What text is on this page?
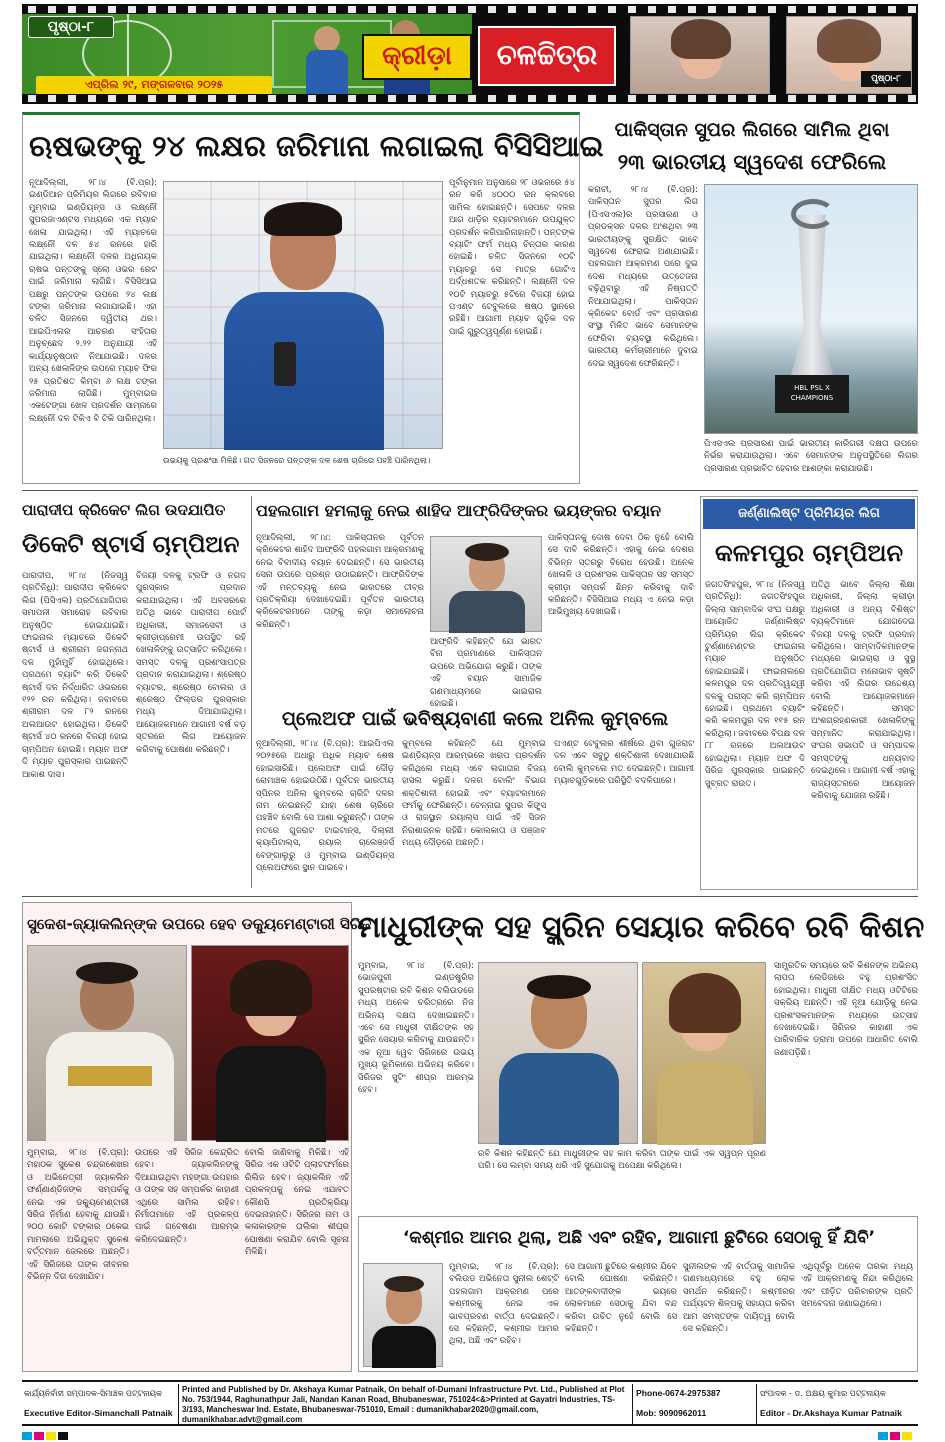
ପୃଷ୍ଠା-୮
ଏପ୍ରିଲ ୨୯, ମଙ୍ଗଳବାର ୨୦୨୫
କ୍ରୀଡ଼ା	ଚଳଚ୍ଚିତ୍ର
ପୃଷ୍ଠା-୮
ଋଷଭଙ୍କୁ ୨୪ ଲକ୍ଷର ଜରିମାନା ଲଗାଇଲା ବିସିସିଆଇ
ନୂଆଦିଲ୍ଲୀ, ୨୮।୪ (ବି.ପ୍ର): ଇଣ୍ଡିଆନ ପ୍ରିମିୟର ଲିଗରେ ରବିବାର ମୁମ୍ବାଇ ଇଣ୍ଡିୟନ୍ସ ଓ ଲକ୍ଷ୍ନୌ ସୁପରଜାଏଣ୍ଟସ ମଧ୍ୟରେ ଏକ ମ୍ୟାଚ ଖେଳା ଯାଇଥିଲା। ଏହି ମ୍ୟାଚରେ ଲକ୍ଷ୍ନୌ ଦଳ ୫୪ ରନରେ ହାରି ଯାଇଥିଲା। ଲକ୍ଷ୍ନୌ ଦଳର ଅଧିନାୟକ ଋଷଭ ପନ୍ତଙ୍କୁ ସ୍ଲୋ ଓଭର ରେଟ ପାଇଁ ଜରିମାନା ଲାଗିଛି। ବିସିସିଆଇ ପକ୍ଷରୁ ପନ୍ତଙ୍କ ଉପରେ ୨୪ ଲକ୍ଷ ଟଙ୍କା ଜରିମାନା ଲଗାଯାଇଛି। ଏହା ଚଳିତ ସିଜନରେ ଦ୍ୱିତୀୟ ଥର। ଆଇପିଏଲର ଆଚରଣ ସଂହିତାର ଅନୁଚ୍ଛେଦ ୨.୨୨ ଅନୁଯାୟୀ ଏହି କାର୍ଯ୍ୟାନୁଷ୍ଠାନ ନିଆଯାଇଛି। ଦଳର ଅନ୍ୟ ଖେଳାଳିଙ୍କ ଉପରେ ମ୍ୟାଚ ଫିର ୨୫ ପ୍ରତିଶତ କିମ୍ବା ୬ ଲକ୍ଷ ଟଙ୍କା ଜରିମାନା ଲାଗିଛି। ମୁମ୍ବାଇର ଏକଟେଙ୍ଗା ଖେଳ ପ୍ରଦର୍ଶନ ସାମ୍ନାରେ ଲକ୍ଷ୍ନୌ ଦଳ ଟିକିଏ ବି ଟିକି ପାରିନଥିଲା।
ଉଭୟକୁ ପ୍ରଶଂସା ମିଳିଛି। ଗତ ସିଜନରେ ପନ୍ତଙ୍କ ଦଳ ଶେଷ ଚାରିରେ ପହଞ୍ଚି ପାରିନଥିଲା।
ପୂର୍ବାନୁମାନ ଅନୁସାରେ ୨୮ ଓଭରରେ ୫୪ ରନ କରି ୪୦୦୦ ରନ କ୍ଲବରେ ସାମିଲ ହୋଇଛନ୍ତି। ସେପଟେ ଦଳର ଆଗ ଧାଡ଼ିର ବ୍ୟାଟରମାନେ ଉପଯୁକ୍ତ ପ୍ରଦର୍ଶନ କରିପାରିନାହାନ୍ତି। ପନ୍ତଙ୍କ ବ୍ୟାଟିଂ ଫର୍ମ ମଧ୍ୟ ଚିନ୍ତାର କାରଣ ହୋଇଛି। ଚଳିତ ସିଜନରେ ୧୦ଟି ମ୍ୟାଚରୁ ସେ ମାତ୍ର ଗୋଟିଏ ଅର୍ଦ୍ଧଶତକ କରିଛନ୍ତି। ଲକ୍ଷ୍ନୌ ଦଳ ୧୦ଟି ମ୍ୟାଚରୁ ୫ଟିରେ ବିଜୟୀ ହୋଇ ପଏଣ୍ଟ ଟେବୁଲରେ ଷଷ୍ଠ ସ୍ଥାନରେ ରହିଛି। ଆଗାମୀ ମ୍ୟାଚ ଗୁଡ଼ିକ ଦଳ ପାଇଁ ଗୁରୁତ୍ୱପୂର୍ଣ୍ଣ ହୋଇଛି।
ପାକିସ୍ତାନ ସୁପର ଲିଗରେ ସାମିଲ ଥିବା
୨୩ ଭାରତୀୟ ସ୍ୱଦେଶ ଫେରିଲେ
କରାଚୀ, ୨୮।୪ (ବି.ପ୍ର): ପାକିସ୍ତାନ ସୁପର ଲିଗ (ପିଏସଏଲ)ର ପ୍ରସାରଣ ଓ ପ୍ରଡକ୍ସନ ଦଳର ଅଂଶଥିବା ୨୩ ଭାରତୀୟଙ୍କୁ ସୁରକ୍ଷିତ ଭାବେ ସ୍ୱଦେଶ ଫେରାଇ ଅଣାଯାଇଛି। ପହଲଗାମ ଆକ୍ରମଣ ପରେ ଦୁଇ ଦେଶ ମଧ୍ୟରେ ଉତ୍ତେଜନା ବଢ଼ିଥିବାରୁ ଏହି ନିଷ୍ପତ୍ତି ନିଆଯାଇଥିଲା। ପାକିସ୍ତାନ କ୍ରିକେଟ ବୋର୍ଡ ଏବଂ ପ୍ରସାରଣ ସଂସ୍ଥା ମିଳିତ ଭାବେ ସେମାନଙ୍କ ଫେରିବା ବ୍ୟବସ୍ଥା କରିଥିଲେ। ଭାରତୀୟ କର୍ମଚାରୀମାନେ ଦୁବାଇ ଦେଇ ସ୍ୱଦେଶ ଫେରିଛନ୍ତି।
HBL PSL X CHAMPIONS
ପିଏସଏଲ ପ୍ରସାରଣ ପାଇଁ ଭାରତୀୟ କାରିଗରୀ ଦକ୍ଷତା ଉପରେ ନିର୍ଭର କରାଯାଉଥିଲା। ଏବେ ସେମାନଙ୍କ ଅନୁପସ୍ଥିତିରେ ଲିଗର ପ୍ରସାରଣ ପ୍ରଭାବିତ ହେବାର ଆଶଙ୍କା କରାଯାଉଛି।
ପାରାଦୀପ କ୍ରିକେଟ ଲିଗ ଉଦଯାପିତ
ଡିକେଟି ଷ୍ଟାର୍ସ ଚାମ୍ପିଅନ
ପାରାଦୀପ, ୨୮।୪ (ନିଜସ୍ୱ ପ୍ରତିନିଧି): ପାରାଦୀପ କ୍ରିକେଟ ଲିଗ (ପିସିଏଲ) ପ୍ରତିଯୋଗିତାର ସମାପନୀ ସମାରୋହ ରବିବାର ଅନୁଷ୍ଠିତ ହୋଇଯାଇଛି। ଫାଇନାଲ ମ୍ୟାଚରେ ଡିକେଟି ଷ୍ଟାର୍ସ ଓ ଶ୍ରୀରାମ ଜଗନ୍ନାଥ ଦଳ ମୁହାଁମୁହିଁ ହୋଇଥିଲେ। ପ୍ରଥମେ ବ୍ୟାଟିଂ କରି ଡିକେଟି ଷ୍ଟାର୍ସ ଦଳ ନିର୍ଦ୍ଧାରିତ ଓଭରରେ ୧୨୨ ରନ କରିଥିଲା। ଜବାବରେ ଶ୍ରୀରାମ ଦଳ ୮୨ ରନରେ ଅଲଆଉଟ ହୋଇଥିଲା। ଡିକେଟି ଷ୍ଟାର୍ସ ୪୦ ରନରେ ବିଜୟୀ ହୋଇ ଚାମ୍ପିଅନ ହୋଇଛି। ମ୍ୟାନ ଅଫ ଦି ମ୍ୟାଚ ପୁରସ୍କାର ପାଇଛନ୍ତି ଆକାଶ ଦାସ।
ବିଜୟୀ ଦଳକୁ ଟ୍ରଫି ଓ ନଗଦ ପୁରସ୍କାର ପ୍ରଦାନ କରାଯାଇଥିଲା। ଏହି ଅବସରରେ ଅତିଥି ଭାବେ ପାରାଦୀପ ପୋର୍ଟ ଅଧିକାରୀ, ସମାଜସେବୀ ଓ କ୍ରୀଡ଼ାପ୍ରେମୀ ଉପସ୍ଥିତ ରହି ଖେଳାଳିଙ୍କୁ ଉତ୍ସାହିତ କରିଥିଲେ। ସମସ୍ତ ଦଳକୁ ପ୍ରଶଂସାପତ୍ର ପ୍ରଦାନ କରାଯାଇଥିଲା। ଶ୍ରେଷ୍ଠ ବ୍ୟାଟର, ଶ୍ରେଷ୍ଠ ବୋଲର ଓ ଶ୍ରେଷ୍ଠ ଫିଲ୍ଡର ପୁରସ୍କାର ମଧ୍ୟ ଦିଆଯାଇଥିଲା। ଆୟୋଜକମାନେ ଆଗାମୀ ବର୍ଷ ବଡ଼ ସ୍ତରରେ ଲିଗ ଆୟୋଜନ କରିବାକୁ ଘୋଷଣା କରିଛନ୍ତି।
ପହଲଗାମ ହମଲାକୁ ନେଇ ଶାହିଦ ଆଫ୍ରିଦିଙ୍କର ଭୟଙ୍କର ବୟାନ
ନୂଆଦିଲ୍ଲୀ, ୨୮।୪: ପାକିସ୍ତାନର ପୂର୍ବତନ କ୍ରିକେଟର ଶାହିଦ ଆଫ୍ରିଦି ପହଲଗାମ ଆକ୍ରମଣକୁ ନେଇ ବିବାଦୀୟ ବୟାନ ଦେଇଛନ୍ତି। ସେ ଭାରତୀୟ ସେନା ଉପରେ ପ୍ରଶ୍ନ ଉଠାଇଛନ୍ତି। ଆଫ୍ରିଦିଙ୍କ ଏହି ମନ୍ତବ୍ୟକୁ ନେଇ ଭାରତରେ ତୀବ୍ର ପ୍ରତିକ୍ରିୟା ଦେଖାଦେଇଛି। ପୂର୍ବତନ ଭାରତୀୟ କ୍ରିକେଟରମାନେ ତାଙ୍କୁ କଡ଼ା ସମାଲୋଚନା କରିଛନ୍ତି।
ଆଫ୍ରିଦି କହିଛନ୍ତି ଯେ ଭାରତ ବିନା ପ୍ରମାଣରେ ପାକିସ୍ତାନ ଉପରେ ଅଭିଯୋଗ କରୁଛି। ତାଙ୍କ ଏହି ବୟାନ ସାମାଜିକ ଗଣମାଧ୍ୟମରେ ଭାଇରାଲ ହୋଇଛି।
ପାକିସ୍ତାନକୁ ଦୋଷ ଦେବା ଠିକ ନୁହେଁ ବୋଲି ସେ ଦାବି କରିଛନ୍ତି। ଏହାକୁ ନେଇ ଦେଶର ବିଭିନ୍ନ ସ୍ତରରୁ ବିରୋଧ ହେଉଛି। ଅନେକ ଖେଳାଳି ଓ ପ୍ରଶଂସକ ପାକିସ୍ତାନ ସହ ସମସ୍ତ କ୍ରୀଡ଼ା ସମ୍ପର୍କ ଛିନ୍ନ କରିବାକୁ ଦାବି କରିଛନ୍ତି। ବିସିସିଆଇ ମଧ୍ୟ ଏ ନେଇ କଡ଼ା ଆଭିମୁଖ୍ୟ ଦେଖାଇଛି।
ପ୍ଲେଅଫ ପାଇଁ ଭବିଷ୍ୟବାଣୀ କଲେ ଅନିଲ କୁମ୍ବଲେ
ନୂଆଦିଲ୍ଲୀ, ୨୮।୪ (ବି.ପ୍ର): ଆଇପିଏଲ ୨୦୨୫ରେ ଅଧାରୁ ଅଧିକ ମ୍ୟାଚ ଶେଷ ହୋଇସାରିଛି। ପ୍ଲେଅଫ ପାଇଁ ଦୌଡ଼ ରୋମାଞ୍ଚକ ହୋଇଉଠିଛି। ପୂର୍ବତନ ଭାରତୀୟ ସ୍ପିନର ଅନିଲ କୁମ୍ବଲେ ଚାରିଟି ଦଳର ନାମ ନେଇଛନ୍ତି ଯାହା ଶେଷ ଚାରିରେ ପହଞ୍ଚିବ ବୋଲି ସେ ଆଶା କରୁଛନ୍ତି। ତାଙ୍କ ମତରେ ଗୁଜରାଟ ଟାଇଟାନ୍ସ, ଦିଲ୍ଲୀ କ୍ୟାପିଟାଲ୍ସ, ରୟାଲ ଚାଲେଞ୍ଜର୍ସ ବେଙ୍ଗାଲୁରୁ ଓ ମୁମ୍ବାଇ ଇଣ୍ଡିୟନ୍ସ ପ୍ଲେଅଫରେ ସ୍ଥାନ ପାଇବେ।
କୁମ୍ବଲେ କହିଛନ୍ତି ଯେ ମୁମ୍ବାଇ ଇଣ୍ଡିୟନ୍ସ ଆରମ୍ଭରେ ଖରାପ ପ୍ରଦର୍ଶନ କରିଥିଲେ ମଧ୍ୟ ଏବେ ଲଗାତାର ବିଜୟ ହାସଲ କରୁଛି। ଦଳର ବୋଲିଂ ବିଭାଗ ଶକ୍ତିଶାଳୀ ହୋଇଛି ଏବଂ ବ୍ୟାଟରମାନେ ଫର୍ମକୁ ଫେରିଛନ୍ତି। ଚେନ୍ନାଇ ସୁପର କିଙ୍ଗ୍ସ ଓ ରାଜସ୍ଥାନ ରୟାଲ୍ସ ପାଇଁ ଏହି ସିଜନ ନିରାଶାଜନକ ରହିଛି। କୋଲକାତା ଓ ପଞ୍ଜାବ ମଧ୍ୟ ଦୌଡ଼ରେ ଅଛନ୍ତି।
ପଏଣ୍ଟ ଟେବୁଲର ଶୀର୍ଷରେ ଥିବା ଗୁଜରାଟ ଦଳ ଏବେ ସବୁଠୁ ଶକ୍ତିଶାଳୀ ଦେଖାଯାଉଛି ବୋଲି କୁମ୍ବଲେ ମତ ଦେଇଛନ୍ତି। ଆଗାମୀ ମ୍ୟାଚଗୁଡ଼ିକରେ ପରିସ୍ଥିତି ବଦଳିପାରେ।
ଜର୍ଣ୍ଣାଲିଷ୍ଟ ପ୍ରିମିୟର ଲିଗ
କଳମପୁର ଚାମ୍ପିଅନ
ଜଗତସିଂହପୁର, ୨୮।୪ (ନିଜସ୍ୱ ପ୍ରତିନିଧି): ଜଗତସିଂହପୁର ଜିଲ୍ଲା ସାମ୍ବାଦିକ ସଂଘ ପକ୍ଷରୁ ଆୟୋଜିତ ଜର୍ଣ୍ଣାଲିଷ୍ଟ ପ୍ରିମିୟର ଲିଗ କ୍ରିକେଟ ଟୁର୍ଣ୍ଣାମେଣ୍ଟର ଫାଇନାଲ ମ୍ୟାଚ ଅନୁଷ୍ଠିତ ହୋଇଯାଇଛି। ଫାଇନାଲରେ କଳମପୁର ଦଳ ପ୍ରତିଦ୍ୱନ୍ଦ୍ୱୀ ଦଳକୁ ପରାସ୍ତ କରି ଚାମ୍ପିଅନ ହୋଇଛି। ପ୍ରଥମେ ବ୍ୟାଟିଂ କରି କଳମପୁର ଦଳ ୧୧୫ ରନ କରିଥିଲା। ଜବାବରେ ବିପକ୍ଷ ଦଳ ୮୮ ରନରେ ଅଲଆଉଟ ହୋଇଥିଲା। ମ୍ୟାନ ଅଫ ଦି ସିରିଜ ପୁରସ୍କାର ପାଇଛନ୍ତି ସୁବ୍ରତ ରାଉତ।
ଅତିଥି ଭାବେ ଜିଲ୍ଲା ଶିକ୍ଷା ଅଧିକାରୀ, ଜିଲ୍ଲା କ୍ରୀଡ଼ା ଅଧିକାରୀ ଓ ଅନ୍ୟ ବିଶିଷ୍ଟ ବ୍ୟକ୍ତିମାନେ ଯୋଗଦେଇ ବିଜୟୀ ଦଳକୁ ଟ୍ରଫି ପ୍ରଦାନ କରିଥିଲେ। ସାମ୍ବାଦିକମାନଙ୍କ ମଧ୍ୟରେ ଭାଇଚାରା ଓ ସୁସ୍ଥ ପ୍ରତିଯୋଗିତା ମନୋଭାବ ସୃଷ୍ଟି କରିବା ଏହି ଲିଗର ଉଦ୍ଦେଶ୍ୟ ବୋଲି ଆୟୋଜକମାନେ କହିଛନ୍ତି। ସମସ୍ତ ଅଂଶଗ୍ରହଣକାରୀ ଖେଳାଳିଙ୍କୁ ସମ୍ମାନିତ କରାଯାଇଥିଲା। ସଂଘର ସଭାପତି ଓ ସମ୍ପାଦକ ସମସ୍ତଙ୍କୁ ଧନ୍ୟବାଦ ଦେଇଥିଲେ। ଆଗାମୀ ବର୍ଷ ଏହାକୁ ରାଜ୍ୟସ୍ତରରେ ଆୟୋଜନ କରିବାକୁ ଯୋଜନା ରହିଛି।
ସୁକେଶ-ଜ୍ୟାକଲିନ୍ଙ୍କ ଉପରେ ହେବ ଡକ୍ୟୁମେଣ୍ଟାରୀ ସିରିଜ
ମୁମ୍ବାଇ, ୨୮।୪ (ବି.ପ୍ର): ମହାଠକ ସୁକେଶ ଚନ୍ଦ୍ରଶେଖର ଓ ଅଭିନେତ୍ରୀ ଜ୍ୟାକଲିନ ଫର୍ଣ୍ଣାଣ୍ଡିଜଙ୍କ ସମ୍ପର୍କକୁ ନେଇ ଏକ ଡକ୍ୟୁମେଣ୍ଟାରୀ ସିରିଜ ନିର୍ମାଣ ହେବାକୁ ଯାଉଛି। ୨୦୦ କୋଟି ଟଙ୍କାର ଠକେଇ ମାମଲାରେ ଅଭିଯୁକ୍ତ ସୁକେଶ ବର୍ତ୍ତମାନ ଜେଲରେ ଅଛନ୍ତି। ଏହି ସିରିଜରେ ତାଙ୍କ ଜୀବନର ବିଭିନ୍ନ ଦିଗ ଦେଖାଯିବ।
ଉପରେ ଏହି ସିରିଜ କେନ୍ଦ୍ରିତ ହେବ। ଜ୍ୟାକଲିନଙ୍କୁ ଦିଆଯାଇଥିବା ମହଙ୍ଗା ଉପହାର ଓ ତାଙ୍କ ସହ ସମ୍ପର୍କର କାହାଣୀ ଏଥିରେ ସାମିଲ ରହିବ। ନିର୍ମାତାମାନେ ଏହି ପ୍ରକଳ୍ପ ପାଇଁ ଗବେଷଣା ଆରମ୍ଭ କରିଦେଇଛନ୍ତି।
ବୋଲି ଜାଣିବାକୁ ମିଳିଛି। ଏହି ସିରିଜ ଏକ ଓଟିଟି ପ୍ଲାଟଫର୍ମରେ ରିଲିଜ ହେବ। ଜ୍ୟାକଲିନ ଏହି ପ୍ରକଳ୍ପକୁ ନେଇ ଏଯାବତ କୌଣସି ପ୍ରତିକ୍ରିୟା ଦେଇନାହାନ୍ତି। ସିରିଜର ନାମ ଓ କଳାକାରଙ୍କ ତାଲିକା ଶୀଘ୍ର ଘୋଷଣା କରାଯିବ ବୋଲି ସୂଚନା ମିଳିଛି।
ମାଧୁରୀଙ୍କ ସହ ସ୍କ୍ରିନ ସେୟାର କରିବେ ରବି କିଶନ
ମୁମ୍ବାଇ, ୨୮।୪ (ବି.ପ୍ର): ଭୋଜପୁରୀ ଇଣ୍ଡଷ୍ଟ୍ରିର ସୁପରଷ୍ଟାର ରବି କିଶନ ବଲିଉଡରେ ମଧ୍ୟ ଅନେକ ଚରିତ୍ରରେ ନିଜ ଅଭିନୟ ଦକ୍ଷତା ଦେଖାଇଛନ୍ତି। ଏବେ ସେ ମାଧୁରୀ ଦୀକ୍ଷିତଙ୍କ ସହ ସ୍କ୍ରିନ ସେୟାର କରିବାକୁ ଯାଉଛନ୍ତି। ଏକ ନୂଆ ୱେବ ସିରିଜରେ ଉଭୟ ମୁଖ୍ୟ ଭୂମିକାରେ ଅଭିନୟ କରିବେ। ସିରିଜର ସୁଟିଂ ଶୀଘ୍ର ଆରମ୍ଭ ହେବ।
ରବି କିଶନ କହିଛନ୍ତି ଯେ ମାଧୁରୀଙ୍କ ସହ କାମ କରିବା ତାଙ୍କ ପାଇଁ ଏକ ସ୍ୱପ୍ନ ପୂରଣ ପରି। ସେ ଲମ୍ବା ସମୟ ଧରି ଏହି ସୁଯୋଗକୁ ଅପେକ୍ଷା କରିଥିଲେ।
ସାମ୍ପ୍ରତିକ ସମୟରେ ରବି କିଶନଙ୍କ ଅଭିନୟ ଲାପତା ଲେଡିଜରେ ବହୁ ପ୍ରଶଂସିତ ହୋଇଥିଲା। ମାଧୁରୀ ଦୀକ୍ଷିତ ମଧ୍ୟ ଓଟିଟିରେ ସକ୍ରିୟ ଅଛନ୍ତି। ଏହି ନୂଆ ଯୋଡ଼ିକୁ ନେଇ ପ୍ରଶଂସକମାନଙ୍କ ମଧ୍ୟରେ ଉତ୍ସାହ ଦେଖାଦେଇଛି। ସିରିଜର କାହାଣୀ ଏକ ପାରିବାରିକ ଡ୍ରାମା ଉପରେ ଆଧାରିତ ବୋଲି ଜଣାପଡ଼ିଛି।
‘କଶ୍ମୀର ଆମର ଥିଲା, ଅଛି ଏବଂ ରହିବ, ଆଗାମୀ ଛୁଟିରେ ସେଠାକୁ ହିଁ ଯିବି’
ମୁମ୍ବାଇ, ୨୮।୪ (ବି.ପ୍ର): ବଲିଉଡ ଅଭିନେତା ସୁନୀଲ ଶେଟ୍ଟି ପହଲଗାମ ଆକ୍ରମଣ ପରେ କଶ୍ମୀରକୁ ନେଇ ଏକ ଭାବପ୍ରବଣ ବାର୍ତ୍ତା ଦେଇଛନ୍ତି। ସେ କହିଛନ୍ତି, କଶ୍ମୀର ଆମର ଥିଲା, ଅଛି ଏବଂ ରହିବ।
ସେ ଆଗାମୀ ଛୁଟିରେ କଶ୍ମୀର ଯିବେ ବୋଲି ଘୋଷଣା କରିଛନ୍ତି। ଆତଙ୍କବାଦୀଙ୍କ ଭୟରେ ଲୋକମାନେ ସେଠାକୁ ଯିବା ବନ୍ଦ କରିବା ଉଚିତ ନୁହେଁ ବୋଲି ସେ କହିଛନ୍ତି।
ସୁନୀଲଙ୍କ ଏହି ବାର୍ତ୍ତାକୁ ସାମାଜିକ ଗଣମାଧ୍ୟମରେ ବହୁ ଲୋକ ସମର୍ଥନ କରିଛନ୍ତି। କଶ୍ମୀରର ପର୍ଯ୍ୟଟନ ଶିଳ୍ପକୁ ସହାୟତା କରିବା ଆମ ସମସ୍ତଙ୍କ ଦାୟିତ୍ୱ ବୋଲି ସେ କହିଛନ୍ତି।
ଏଥିପୂର୍ବରୁ ଅନେକ ତାରକା ମଧ୍ୟ ଏହି ଆକ୍ରମଣକୁ ନିନ୍ଦା କରିଥିଲେ ଏବଂ ପୀଡ଼ିତ ପରିବାରଙ୍କ ପ୍ରତି ସମବେଦନା ଜଣାଇଥିଲେ।
କାର୍ଯ୍ୟନିର୍ବାହୀ ସମ୍ପାଦକ-ସିମାଞ୍ଚଳ ପଟ୍ଟନାୟକ
Executive Editor-Simanchall Patnaik
Printed and Published by Dr. Akshaya Kumar Patnaik, On behalf of-Dumani Infrastructure Pvt. Ltd., Published at Plot No. 753/1944, Raghunathpur Jali, Nandan Kanan Road, Bhubaneswar, 751024<&>Printed at Gayatri Industries, TS-3/193, Mancheswar Ind. Estate, Bhubaneswar-751010, Email : dumanikhabar2020@gmail.com, dumanikhabar.advt@gmail.com
Phone-0674-2975387
Mob: 9090962011
ସଂପାଦକ - ଡ. ଅକ୍ଷୟ କୁମାର ପଟ୍ଟନାୟକ
Editor - Dr.Akshaya Kumar Patnaik
